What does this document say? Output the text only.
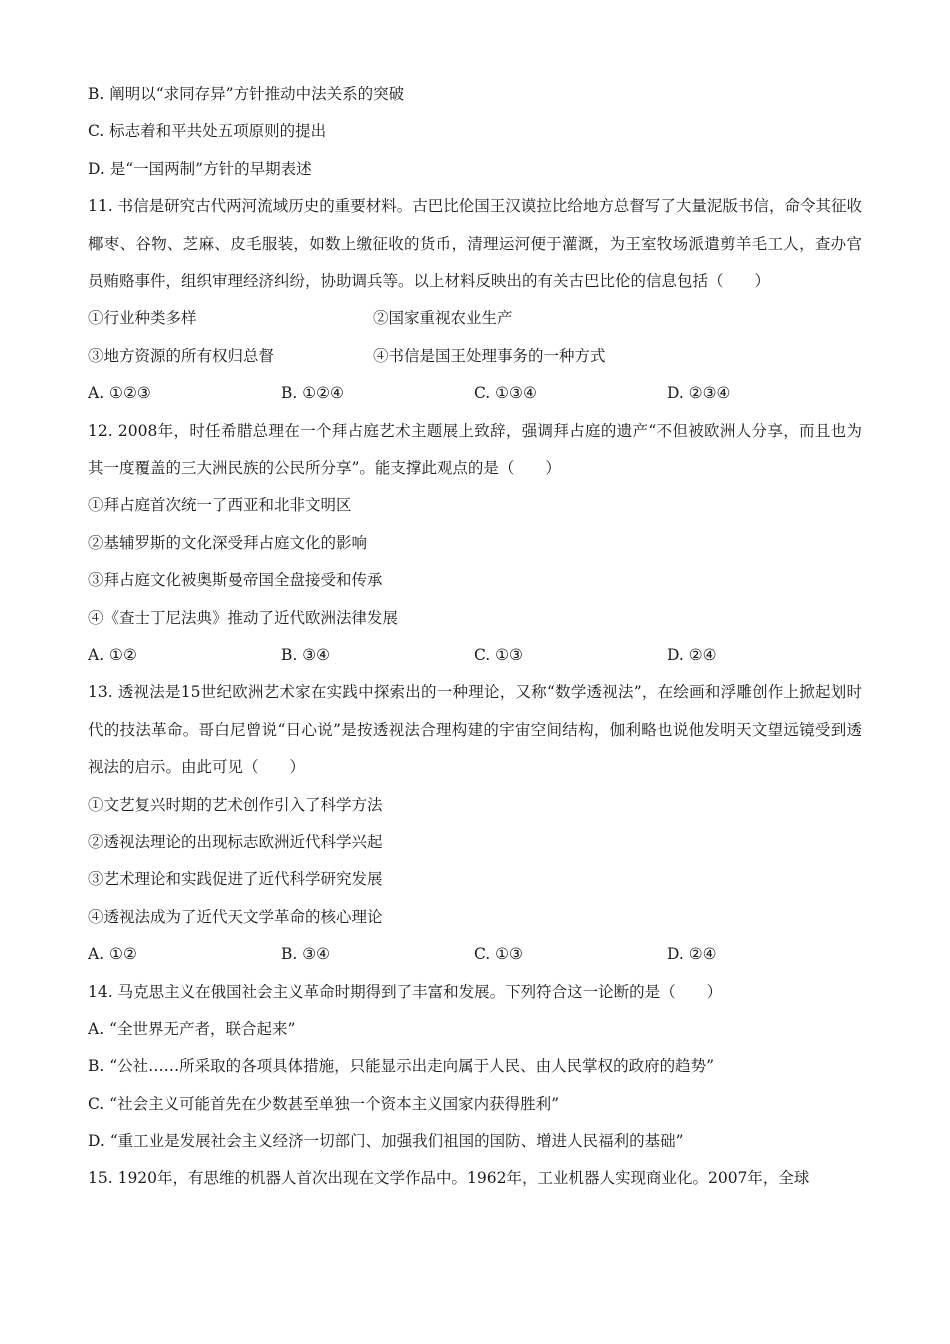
B. 阐明以“求同存异”方针推动中法关系的突破
C. 标志着和平共处五项原则的提出
D. 是“一国两制”方针的早期表述
11. 书信是研究古代两河流域历史的重要材料。古巴比伦国王汉谟拉比给地方总督写了大量泥版书信，命令其征收椰枣、谷物、芝麻、皮毛服装，如数上缴征收的货币，清理运河便于灌溉，为王室牧场派遣剪羊毛工人，查办官员贿赂事件，组织审理经济纠纷，协助调兵等。以上材料反映出的有关古巴比伦的信息包括（　　）
①行业种类多样	②国家重视农业生产
③地方资源的所有权归总督	④书信是国王处理事务的一种方式
A. ①②③	B. ①②④	C. ①③④	D. ②③④
12. 2008年，时任希腊总理在一个拜占庭艺术主题展上致辞，强调拜占庭的遗产“不但被欧洲人分享，而且也为其一度覆盖的三大洲民族的公民所分享”。能支撑此观点的是（　　）
①拜占庭首次统一了西亚和北非文明区
②基辅罗斯的文化深受拜占庭文化的影响
③拜占庭文化被奥斯曼帝国全盘接受和传承
④《查士丁尼法典》推动了近代欧洲法律发展
A. ①②	B. ③④	C. ①③	D. ②④
13. 透视法是15世纪欧洲艺术家在实践中探索出的一种理论，又称“数学透视法”，在绘画和浮雕创作上掀起划时代的技法革命。哥白尼曾说“日心说”是按透视法合理构建的宇宙空间结构，伽利略也说他发明天文望远镜受到透视法的启示。由此可见（　　）
①文艺复兴时期的艺术创作引入了科学方法
②透视法理论的出现标志欧洲近代科学兴起
③艺术理论和实践促进了近代科学研究发展
④透视法成为了近代天文学革命的核心理论
A. ①②	B. ③④	C. ①③	D. ②④
14. 马克思主义在俄国社会主义革命时期得到了丰富和发展。下列符合这一论断的是（　　）
A. “全世界无产者，联合起来”
B. “公社……所采取的各项具体措施，只能显示出走向属于人民、由人民掌权的政府的趋势”
C. “社会主义可能首先在少数甚至单独一个资本主义国家内获得胜利”
D. “重工业是发展社会主义经济一切部门、加强我们祖国的国防、增进人民福利的基础”
15. 1920年，有思维的机器人首次出现在文学作品中。1962年，工业机器人实现商业化。2007年，全球
